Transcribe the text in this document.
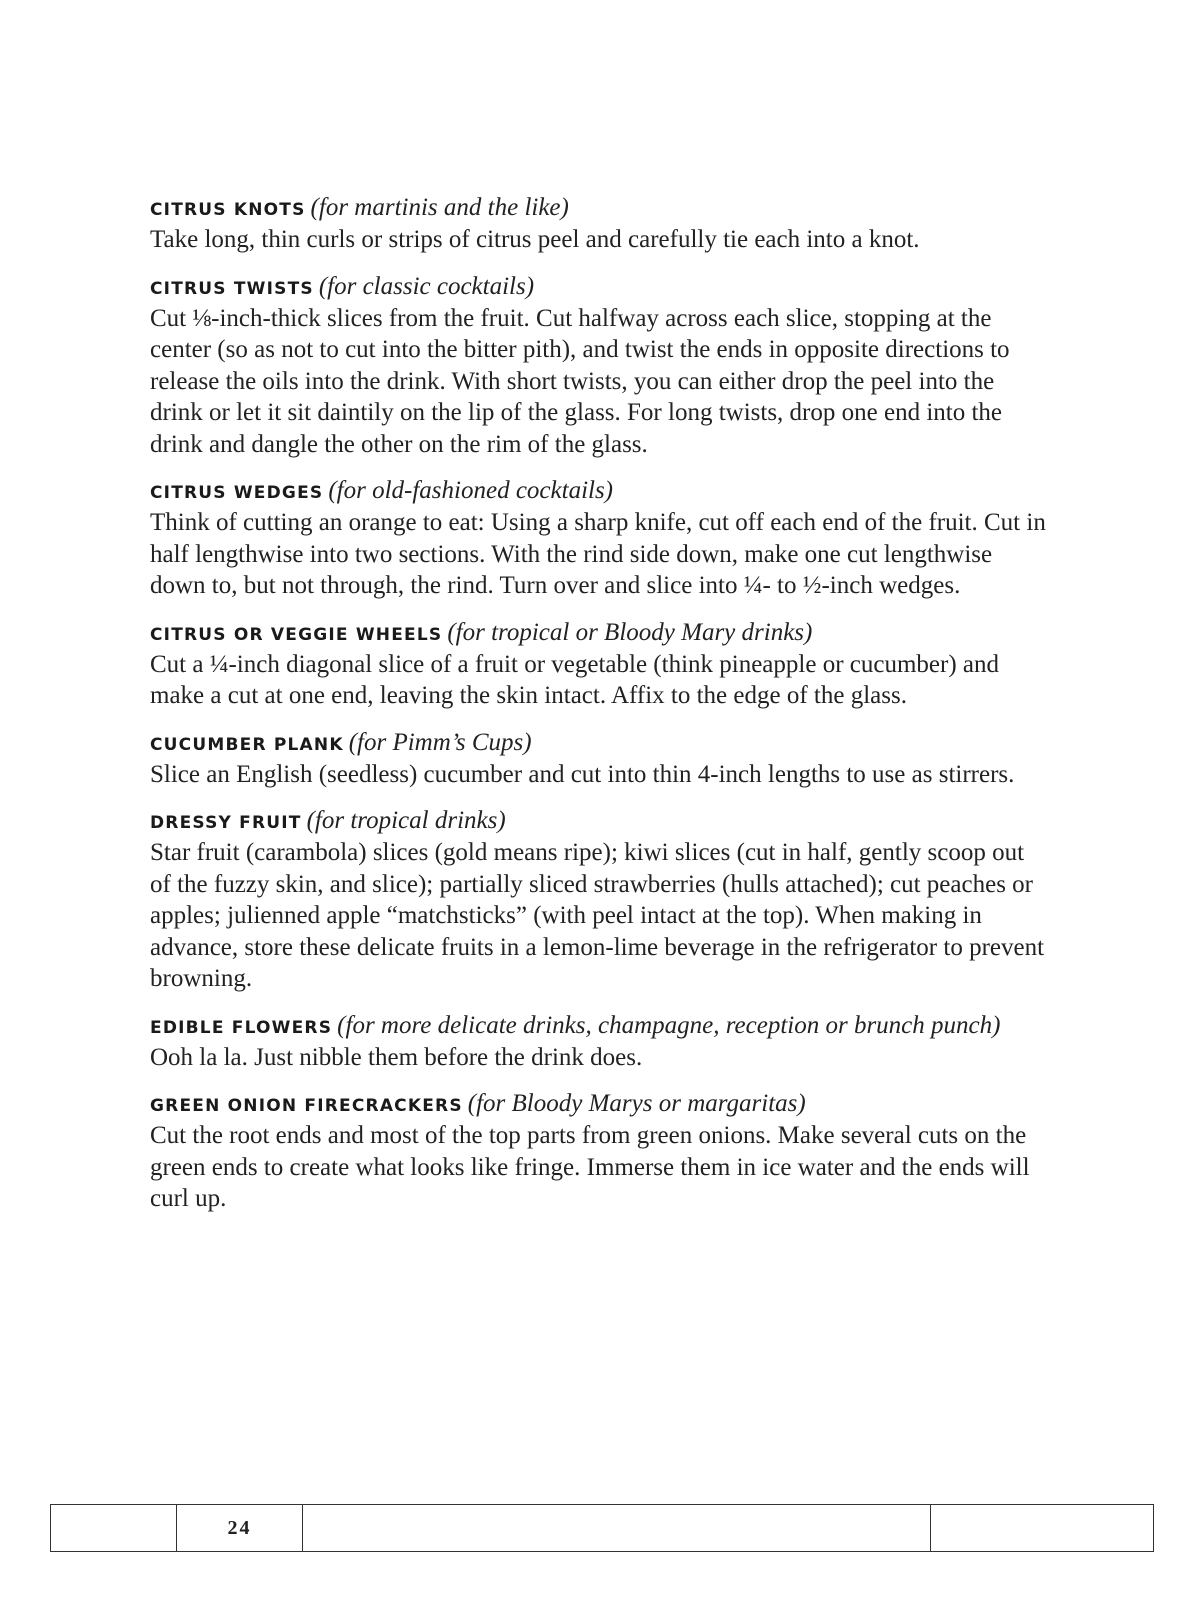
CITRUS KNOTS (for martinis and the like)

Take long, thin curls or strips of citrus peel and carefully tie each into a knot.

CITRUS TWISTS (for classic cocktails)

Cut ⅛-inch-thick slices from the fruit. Cut halfway across each slice, stopping at the center (so as not to cut into the bitter pith), and twist the ends in opposite directions to release the oils into the drink. With short twists, you can either drop the peel into the drink or let it sit daintily on the lip of the glass. For long twists, drop one end into the drink and dangle the other on the rim of the glass.

CITRUS WEDGES (for old-fashioned cocktails)

Think of cutting an orange to eat: Using a sharp knife, cut off each end of the fruit. Cut in half lengthwise into two sections. With the rind side down, make one cut lengthwise down to, but not through, the rind. Turn over and slice into ¼- to ½-inch wedges.

CITRUS OR VEGGIE WHEELS (for tropical or Bloody Mary drinks)

Cut a ¼-inch diagonal slice of a fruit or vegetable (think pineapple or cucumber) and make a cut at one end, leaving the skin intact. Affix to the edge of the glass.

CUCUMBER PLANK (for Pimm’s Cups)

Slice an English (seedless) cucumber and cut into thin 4-inch lengths to use as stirrers.

DRESSY FRUIT (for tropical drinks)

Star fruit (carambola) slices (gold means ripe); kiwi slices (cut in half, gently scoop out of the fuzzy skin, and slice); partially sliced strawberries (hulls attached); cut peaches or apples; julienned apple “matchsticks” (with peel intact at the top). When making in advance, store these delicate fruits in a lemon-lime beverage in the refrigerator to prevent browning.

EDIBLE FLOWERS (for more delicate drinks, champagne, reception or brunch punch)

Ooh la la. Just nibble them before the drink does.

GREEN ONION FIRECRACKERS (for Bloody Marys or margaritas)

Cut the root ends and most of the top parts from green onions. Make several cuts on the green ends to create what looks like fringe. Immerse them in ice water and the ends will curl up.

24
